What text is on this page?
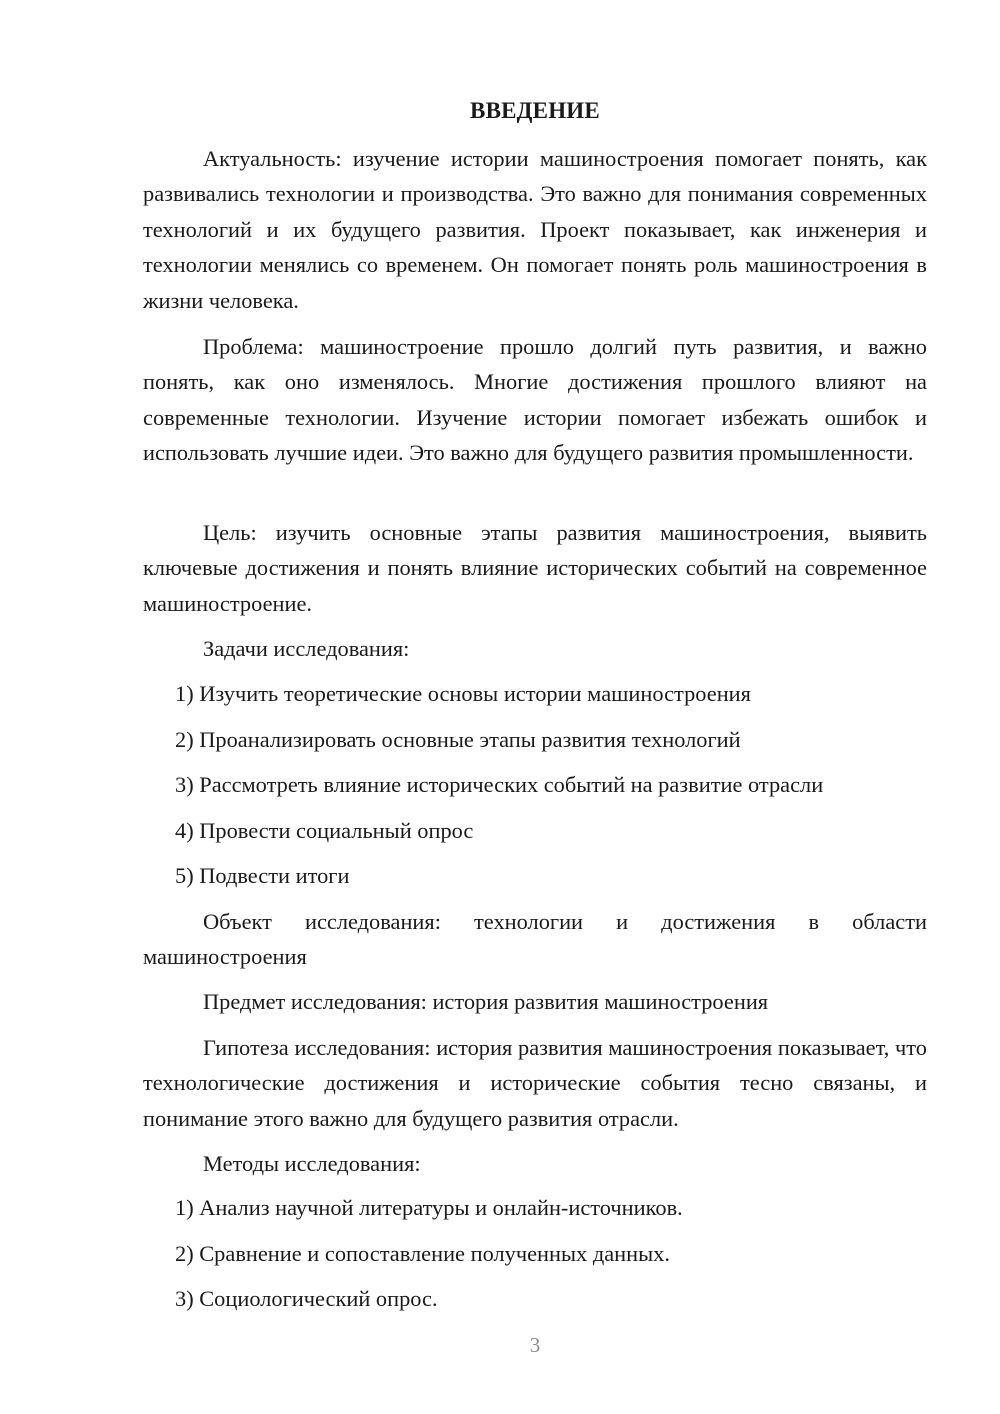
ВВЕДЕНИЕ

Актуальность: изучение истории машиностроения помогает понять, как развивались технологии и производства. Это важно для понимания современных технологий и их будущего развития. Проект показывает, как инженерия и технологии менялись со временем. Он помогает понять роль машиностроения в жизни человека.

Проблема: машиностроение прошло долгий путь развития, и важно понять, как оно изменялось. Многие достижения прошлого влияют на современные технологии. Изучение истории помогает избежать ошибок и использовать лучшие идеи. Это важно для будущего развития промышленности.

Цель: изучить основные этапы развития машиностроения, выявить ключевые достижения и понять влияние исторических событий на современное машиностроение.

Задачи исследования:
1) Изучить теоретические основы истории машиностроения
2) Проанализировать основные этапы развития технологий
3) Рассмотреть влияние исторических событий на развитие отрасли
4) Провести социальный опрос
5) Подвести итоги

Объект исследования: технологии и достижения в области машиностроения

Предмет исследования: история развития машиностроения

Гипотеза исследования: история развития машиностроения показывает, что технологические достижения и исторические события тесно связаны, и понимание этого важно для будущего развития отрасли.

Методы исследования:
1) Анализ научной литературы и онлайн-источников.
2) Сравнение и сопоставление полученных данных.
3) Социологический опрос.
3
